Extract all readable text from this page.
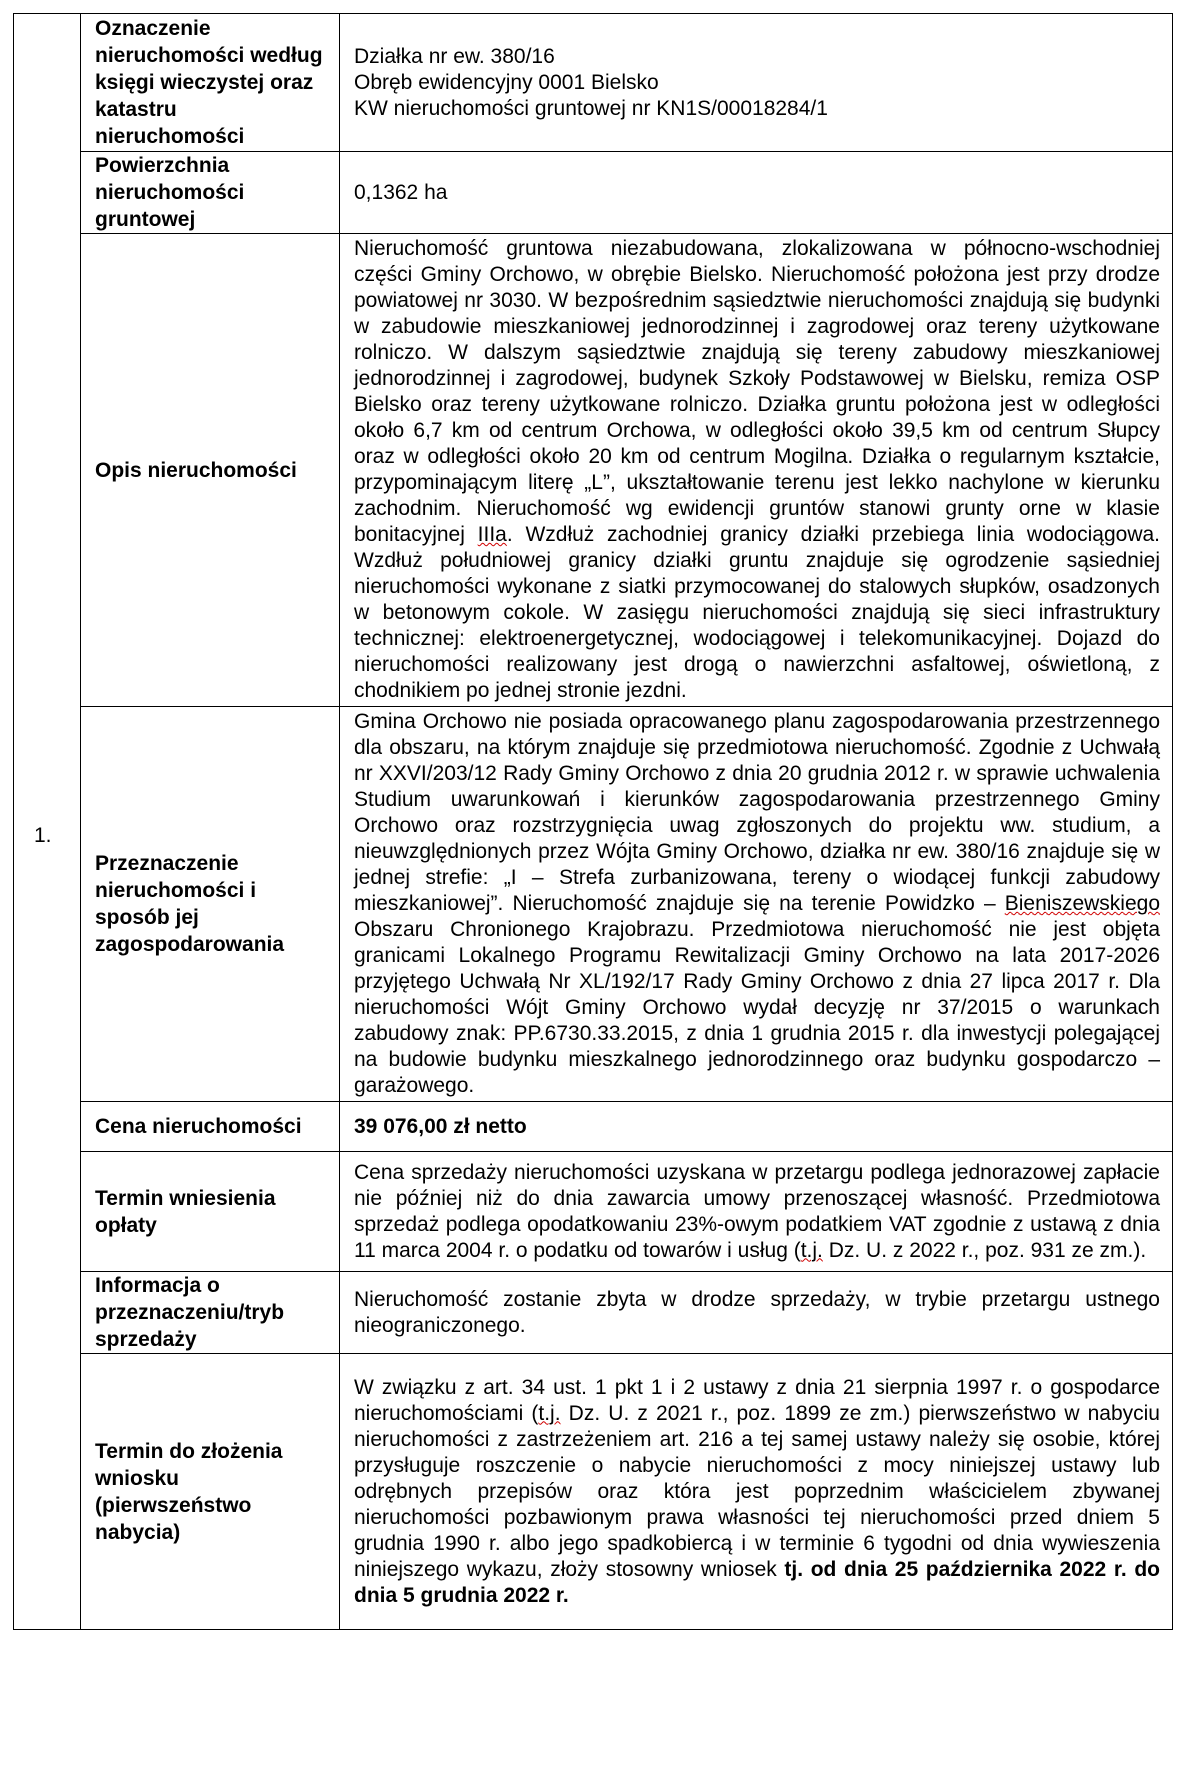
1.	Oznaczenie nieruchomości według księgi wieczystej oraz katastru nieruchomości	Działka nr ew. 380/16
Obręb ewidencyjny 0001 Bielsko
KW nieruchomości gruntowej nr KN1S/00018284/1

	Powierzchnia nieruchomości gruntowej	0,1362 ha
	Opis nieruchomości	Nieruchomość gruntowa niezabudowana, zlokalizowana w północno-wschodniej części Gminy Orchowo, w obrębie Bielsko. Nieruchomość położona jest przy drodze powiatowej nr 3030. W bezpośrednim sąsiedztwie nieruchomości znajdują się budynki w zabudowie mieszkaniowej jednorodzinnej i zagrodowej oraz tereny użytkowane rolniczo. W dalszym sąsiedztwie znajdują się tereny zabudowy mieszkaniowej jednorodzinnej i zagrodowej, budynek Szkoły Podstawowej w Bielsku, remiza OSP Bielsko oraz tereny użytkowane rolniczo. Działka gruntu położona jest w odległości około 6,7 km od centrum Orchowa, w odległości około 39,5 km od centrum Słupcy oraz w odległości około 20 km od centrum Mogilna. Działka o regularnym kształcie, przypominającym literę „L”, ukształtowanie terenu jest lekko nachylone w kierunku zachodnim. Nieruchomość wg ewidencji gruntów stanowi grunty orne w klasie bonitacyjnej IIIa. Wzdłuż zachodniej granicy działki przebiega linia wodociągowa. Wzdłuż południowej granicy działki gruntu znajduje się ogrodzenie sąsiedniej nieruchomości wykonane z siatki przymocowanej do stalowych słupków, osadzonych w betonowym cokole. W zasięgu nieruchomości znajdują się sieci infrastruktury technicznej: elektroenergetycznej, wodociągowej i telekomunikacyjnej. Dojazd do nieruchomości realizowany jest drogą o nawierzchni asfaltowej, oświetloną, z chodnikiem po jednej stronie jezdni.
	Przeznaczenie nieruchomości i sposób jej zagospodarowania	Gmina Orchowo nie posiada opracowanego planu zagospodarowania przestrzennego dla obszaru, na którym znajduje się przedmiotowa nieruchomość. Zgodnie z Uchwałą nr XXVI/203/12 Rady Gminy Orchowo z dnia 20 grudnia 2012 r. w sprawie uchwalenia Studium uwarunkowań i kierunków zagospodarowania przestrzennego Gminy Orchowo oraz rozstrzygnięcia uwag zgłoszonych do projektu ww. studium, a nieuwzględnionych przez Wójta Gminy Orchowo, działka nr ew. 380/16 znajduje się w jednej strefie: „I – Strefa zurbanizowana, tereny o wiodącej funkcji zabudowy mieszkaniowej”. Nieruchomość znajduje się na terenie Powidzko – Bieniszewskiego Obszaru Chronionego Krajobrazu. Przedmiotowa nieruchomość nie jest objęta granicami Lokalnego Programu Rewitalizacji Gminy Orchowo na lata 2017-2026 przyjętego Uchwałą Nr XL/192/17 Rady Gminy Orchowo z dnia 27 lipca 2017 r. Dla nieruchomości Wójt Gminy Orchowo wydał decyzję nr 37/2015 o warunkach zabudowy znak: PP.6730.33.2015, z dnia 1 grudnia 2015 r. dla inwestycji polegającej na budowie budynku mieszkalnego jednorodzinnego oraz budynku gospodarczo – garażowego.
	Cena nieruchomości	39 076,00 zł netto
	Termin wniesienia opłaty	Cena sprzedaży nieruchomości uzyskana w przetargu podlega jednorazowej zapłacie nie później niż do dnia zawarcia umowy przenoszącej własność. Przedmiotowa sprzedaż podlega opodatkowaniu 23%-owym podatkiem VAT zgodnie z ustawą z dnia 11 marca 2004 r. o podatku od towarów i usług (t.j. Dz. U. z 2022 r., poz. 931 ze zm.).
	Informacja o przeznaczeniu/tryb sprzedaży	Nieruchomość zostanie zbyta w drodze sprzedaży, w trybie przetargu ustnego nieograniczonego.
	Termin do złożenia wniosku (pierwszeństwo nabycia)	W związku z art. 34 ust. 1 pkt 1 i 2 ustawy z dnia 21 sierpnia 1997 r. o gospodarce nieruchomościami (t.j. Dz. U. z 2021 r., poz. 1899 ze zm.) pierwszeństwo w nabyciu nieruchomości z zastrzeżeniem art. 216 a tej samej ustawy należy się osobie, której przysługuje roszczenie o nabycie nieruchomości z mocy niniejszej ustawy lub odrębnych przepisów oraz która jest poprzednim właścicielem zbywanej nieruchomości pozbawionym prawa własności tej nieruchomości przed dniem 5 grudnia 1990 r. albo jego spadkobiercą i w terminie 6 tygodni od dnia wywieszenia niniejszego wykazu, złoży stosowny wniosek tj. od dnia 25 października 2022 r. do dnia 5 grudnia 2022 r.
